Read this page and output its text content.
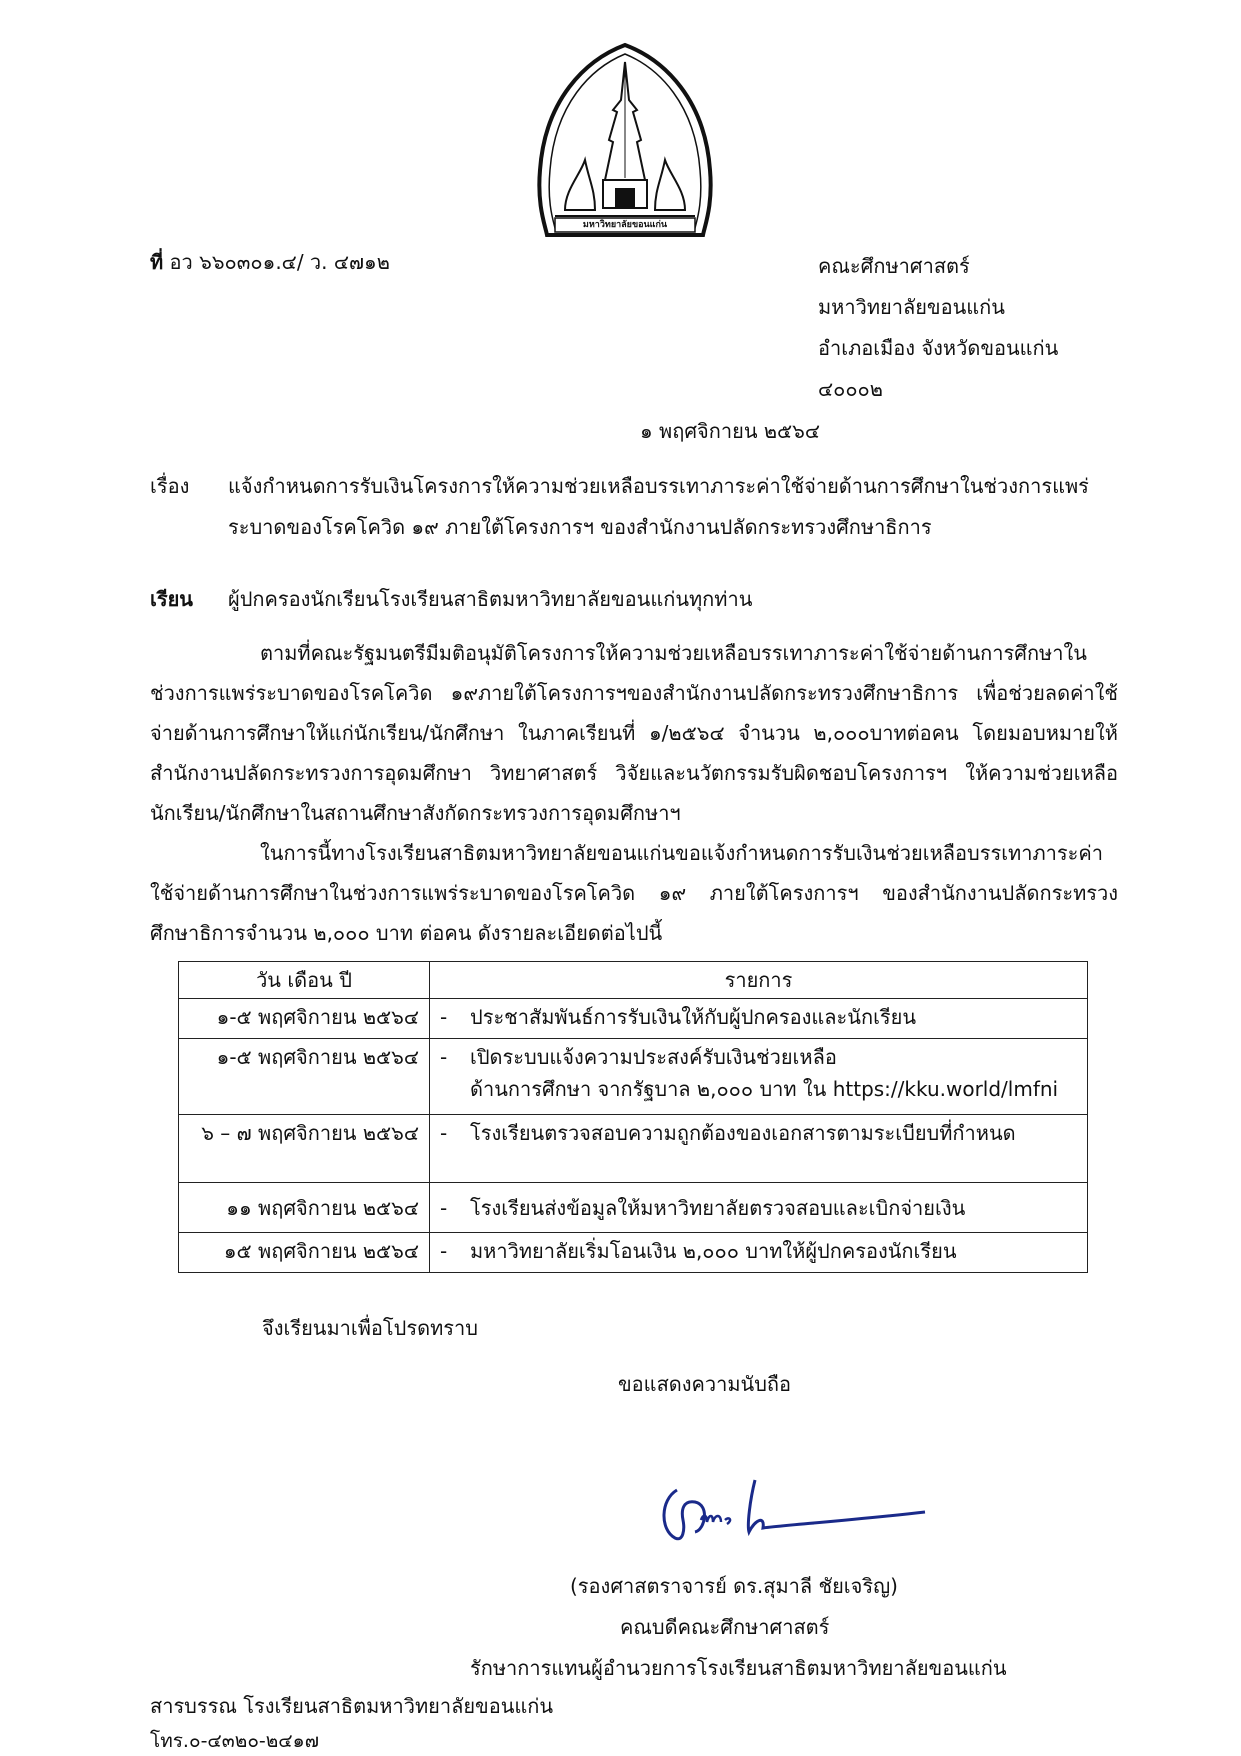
มหาวิทยาลัยขอนแก่น
ที่ อว ๖๖๐๓๐๑.๔/ ว. ๔๗๑๒	คณะศึกษาศาสตร์
มหาวิทยาลัยขอนแก่น
อำเภอเมือง จังหวัดขอนแก่น
๔๐๐๐๒
๑ พฤศจิกายน ๒๕๖๔
เรื่อง แจ้งกำหนดการรับเงินโครงการให้ความช่วยเหลือบรรเทาภาระค่าใช้จ่ายด้านการศึกษาในช่วงการแพร่
ระบาดของโรคโควิด ๑๙ ภายใต้โครงการฯ ของสำนักงานปลัดกระทรวงศึกษาธิการ
เรียน ผู้ปกครองนักเรียนโรงเรียนสาธิตมหาวิทยาลัยขอนแก่นทุกท่าน

ตามที่คณะรัฐมนตรีมีมติอนุมัติโครงการให้ความช่วยเหลือบรรเทาภาระค่าใช้จ่ายด้านการศึกษาในช่วงการแพร่ระบาดของโรคโควิด ๑๙ภายใต้โครงการฯของสำนักงานปลัดกระทรวงศึกษาธิการ เพื่อช่วยลดค่าใช้จ่ายด้านการศึกษาให้แก่นักเรียน/นักศึกษา ในภาคเรียนที่ ๑/๒๕๖๔ จำนวน ๒,๐๐๐บาทต่อคน โดยมอบหมายให้สำนักงานปลัดกระทรวงการอุดมศึกษา วิทยาศาสตร์ วิจัยและนวัตกรรมรับผิดชอบโครงการฯ ให้ความช่วยเหลือนักเรียน/นักศึกษาในสถานศึกษาสังกัดกระทรวงการอุดมศึกษาฯ

ในการนี้ทางโรงเรียนสาธิตมหาวิทยาลัยขอนแก่นขอแจ้งกำหนดการรับเงินช่วยเหลือบรรเทาภาระค่าใช้จ่ายด้านการศึกษาในช่วงการแพร่ระบาดของโรคโควิด ๑๙ ภายใต้โครงการฯ ของสำนักงานปลัดกระทรวงศึกษาธิการจำนวน ๒,๐๐๐ บาท ต่อคน ดังรายละเอียดต่อไปนี้

วัน เดือน ปี	รายการ
๑-๕ พฤศจิกายน ๒๕๖๔	- ประชาสัมพันธ์การรับเงินให้กับผู้ปกครองและนักเรียน
๑-๕ พฤศจิกายน ๒๕๖๔	- เปิดระบบแจ้งความประสงค์รับเงินช่วยเหลือ
ด้านการศึกษา จากรัฐบาล ๒,๐๐๐ บาท ใน https://kku.world/lmfni

๖ – ๗ พฤศจิกายน ๒๕๖๔	- โรงเรียนตรวจสอบความถูกต้องของเอกสารตามระเบียบที่กำหนด
๑๑ พฤศจิกายน ๒๕๖๔	- โรงเรียนส่งข้อมูลให้มหาวิทยาลัยตรวจสอบและเบิกจ่ายเงิน
๑๕ พฤศจิกายน ๒๕๖๔	- มหาวิทยาลัยเริ่มโอนเงิน ๒,๐๐๐ บาทให้ผู้ปกครองนักเรียน
จึงเรียนมาเพื่อโปรดทราบ
ขอแสดงความนับถือ
(รองศาสตราจารย์ ดร.สุมาลี ชัยเจริญ)
คณบดีคณะศึกษาศาสตร์
รักษาการแทนผู้อำนวยการโรงเรียนสาธิตมหาวิทยาลัยขอนแก่น
สารบรรณ โรงเรียนสาธิตมหาวิทยาลัยขอนแก่น
โทร.๐-๔๓๒๐-๒๔๑๗
